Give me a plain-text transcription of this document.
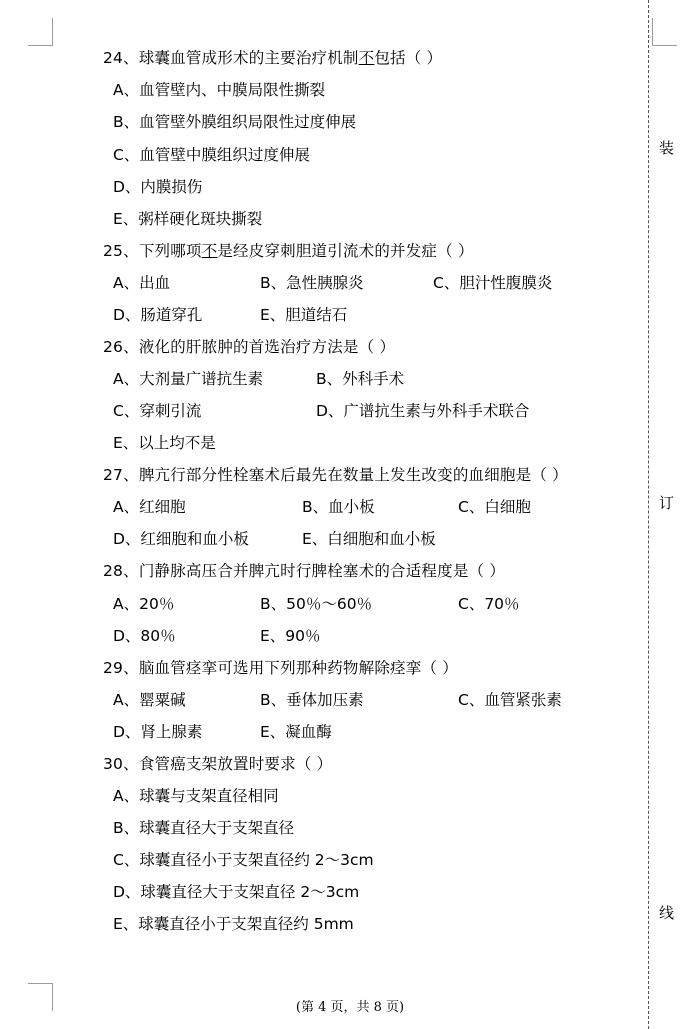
装
订
线
24、球囊血管成形术的主要治疗机制不包括（ ）
A、血管壁内、中膜局限性撕裂
B、血管壁外膜组织局限性过度伸展
C、血管壁中膜组织过度伸展
D、内膜损伤
E、粥样硬化斑块撕裂
25、下列哪项不是经皮穿刺胆道引流术的并发症（ ）
A、出血	B、急性胰腺炎	C、胆汁性腹膜炎
D、肠道穿孔	E、胆道结石
26、液化的肝脓肿的首选治疗方法是（ ）
A、大剂量广谱抗生素	B、外科手术
C、穿刺引流	D、广谱抗生素与外科手术联合
E、以上均不是
27、脾亢行部分性栓塞术后最先在数量上发生改变的血细胞是（ ）
A、红细胞	B、血小板	C、白细胞
D、红细胞和血小板	E、白细胞和血小板
28、门静脉高压合并脾亢时行脾栓塞术的合适程度是（ ）
A、20％	B、50％～60％	C、70％
D、80％	E、90％
29、脑血管痉挛可选用下列那种药物解除痉挛（ ）
A、罂粟碱	B、垂体加压素	C、血管紧张素
D、肾上腺素	E、凝血酶
30、食管癌支架放置时要求（ ）
A、球囊与支架直径相同
B、球囊直径大于支架直径
C、球囊直径小于支架直径约 2～3cm
D、球囊直径大于支架直径 2～3cm
E、球囊直径小于支架直径约 5mm
(第 4 页，共 8 页)
